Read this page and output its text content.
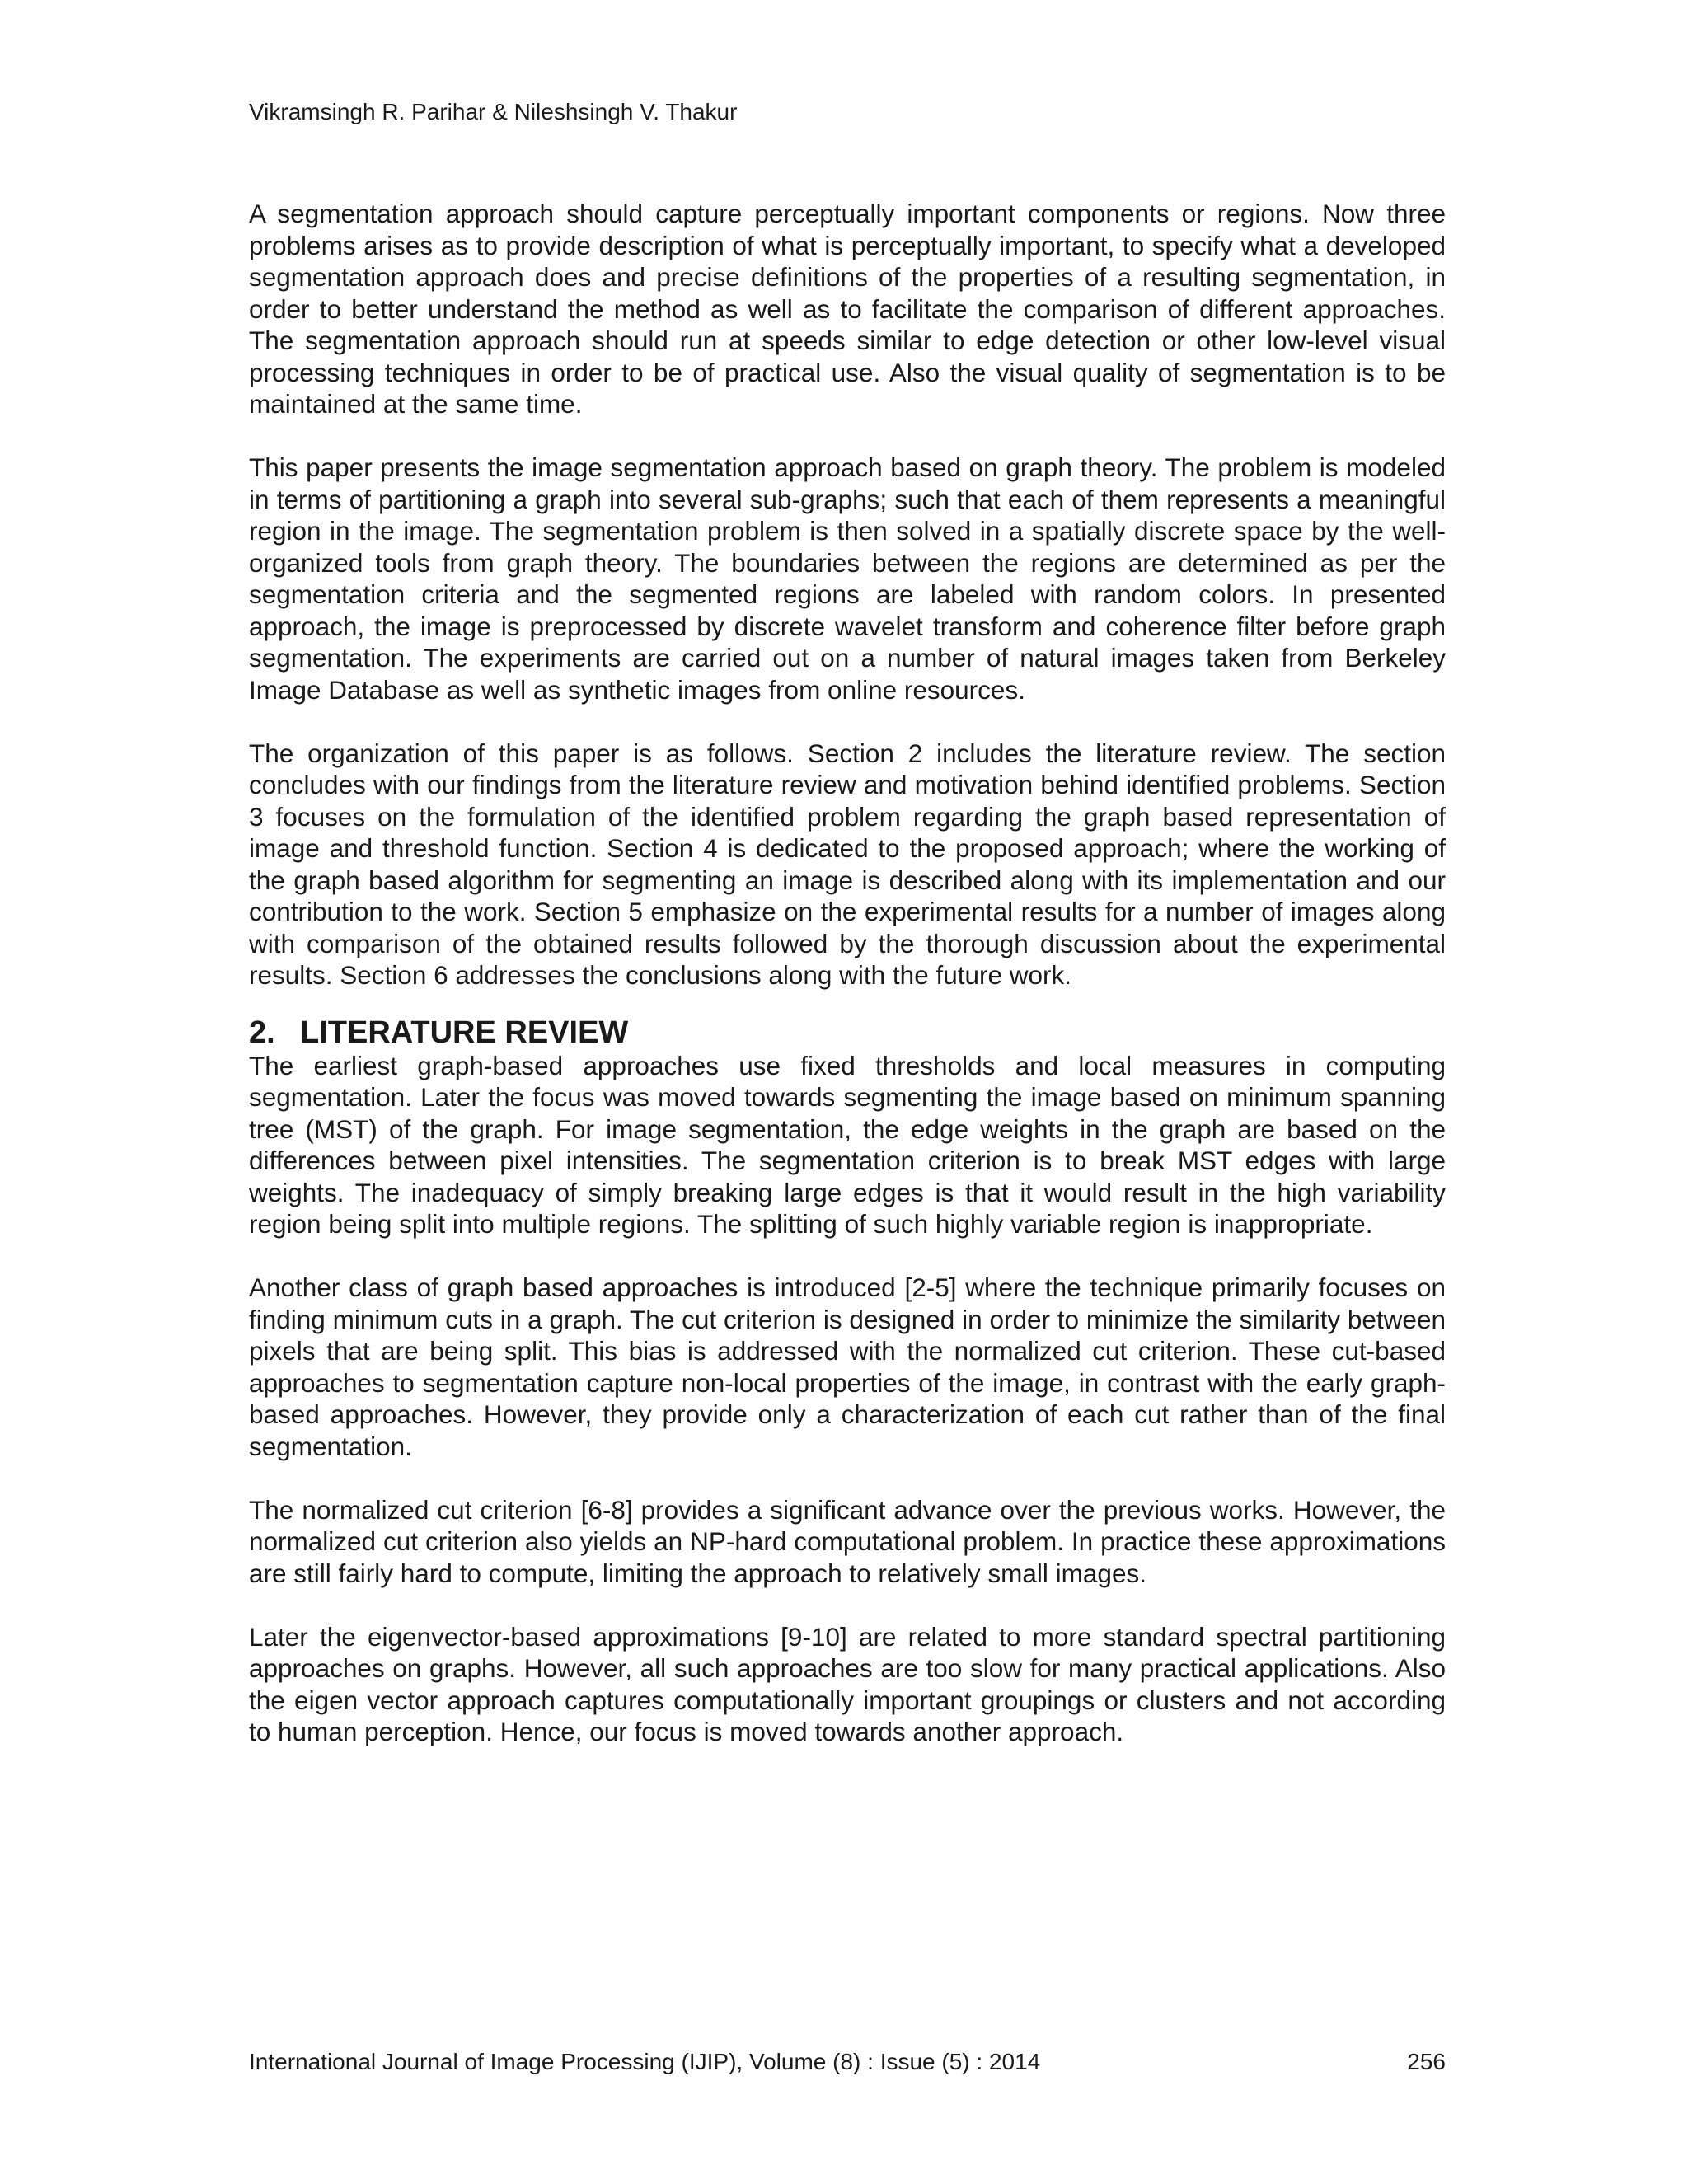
Vikramsingh R. Parihar & Nileshsingh V. Thakur

A segmentation approach should capture perceptually important components or regions. Now three problems arises as to provide description of what is perceptually important, to specify what a developed segmentation approach does and precise definitions of the properties of a resulting segmentation, in order to better understand the method as well as to facilitate the comparison of different approaches. The segmentation approach should run at speeds similar to edge detection or other low-level visual processing techniques in order to be of practical use. Also the visual quality of segmentation is to be maintained at the same time.

This paper presents the image segmentation approach based on graph theory. The problem is modeled in terms of partitioning a graph into several sub-graphs; such that each of them represents a meaningful region in the image. The segmentation problem is then solved in a spatially discrete space by the well-organized tools from graph theory. The boundaries between the regions are determined as per the segmentation criteria and the segmented regions are labeled with random colors. In presented approach, the image is preprocessed by discrete wavelet transform and coherence filter before graph segmentation. The experiments are carried out on a number of natural images taken from Berkeley Image Database as well as synthetic images from online resources.

The organization of this paper is as follows. Section 2 includes the literature review. The section concludes with our findings from the literature review and motivation behind identified problems. Section 3 focuses on the formulation of the identified problem regarding the graph based representation of image and threshold function. Section 4 is dedicated to the proposed approach; where the working of the graph based algorithm for segmenting an image is described along with its implementation and our contribution to the work. Section 5 emphasize on the experimental results for a number of images along with comparison of the obtained results followed by the thorough discussion about the experimental results. Section 6 addresses the conclusions along with the future work.

2. LITERATURE REVIEW

The earliest graph-based approaches use fixed thresholds and local measures in computing segmentation. Later the focus was moved towards segmenting the image based on minimum spanning tree (MST) of the graph. For image segmentation, the edge weights in the graph are based on the differences between pixel intensities. The segmentation criterion is to break MST edges with large weights. The inadequacy of simply breaking large edges is that it would result in the high variability region being split into multiple regions. The splitting of such highly variable region is inappropriate.

Another class of graph based approaches is introduced [2-5] where the technique primarily focuses on finding minimum cuts in a graph. The cut criterion is designed in order to minimize the similarity between pixels that are being split. This bias is addressed with the normalized cut criterion. These cut-based approaches to segmentation capture non-local properties of the image, in contrast with the early graph-based approaches. However, they provide only a characterization of each cut rather than of the final segmentation.

The normalized cut criterion [6-8] provides a significant advance over the previous works. However, the normalized cut criterion also yields an NP-hard computational problem. In practice these approximations are still fairly hard to compute, limiting the approach to relatively small images.

Later the eigenvector-based approximations [9-10] are related to more standard spectral partitioning approaches on graphs. However, all such approaches are too slow for many practical applications. Also the eigen vector approach captures computationally important groupings or clusters and not according to human perception. Hence, our focus is moved towards another approach.

International Journal of Image Processing (IJIP), Volume (8) : Issue (5) : 2014	256
